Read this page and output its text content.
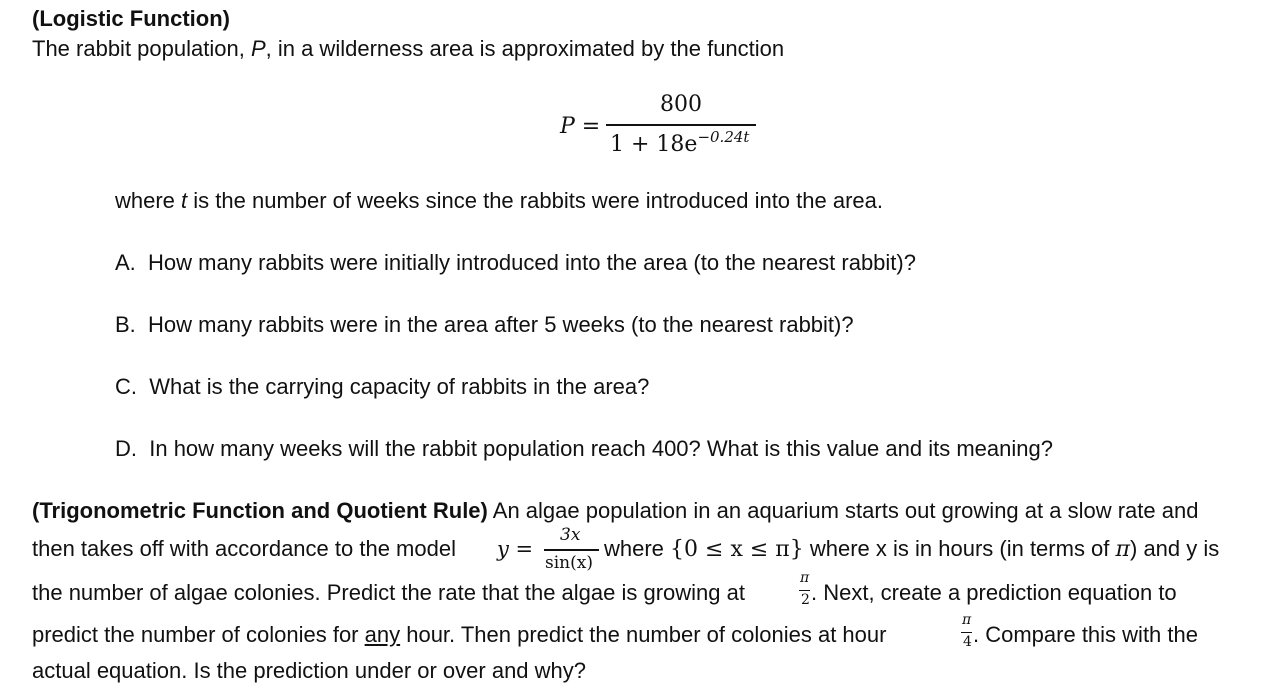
(Logistic Function)
The rabbit population, P, in a wilderness area is approximated by the function
P =
800
$1 + 18e^{-0.24t}$
where t is the number of weeks since the rabbits were introduced into the area.
A. How many rabbits were initially introduced into the area (to the nearest rabbit)?
B. How many rabbits were in the area after 5 weeks (to the nearest rabbit)?
C. What is the carrying capacity of rabbits in the area?
D. In how many weeks will the rabbit population reach 400? What is this value and its meaning?
(Trigonometric Function and Quotient Rule) An algae population in an aquarium starts out growing at a slow rate and
then takes off with accordance to the model y =
3x
sin(x)
where {0 ≤ x ≤ π} where x is in hours (in terms of π) and y is
the number of algae colonies. Predict the rate that the algae is growing at
π
2 . Next, create a prediction equation to
predict the number of colonies for any hour. Then predict the number of colonies at hour
π
4 . Compare this with the
actual equation. Is the prediction under or over and why?
